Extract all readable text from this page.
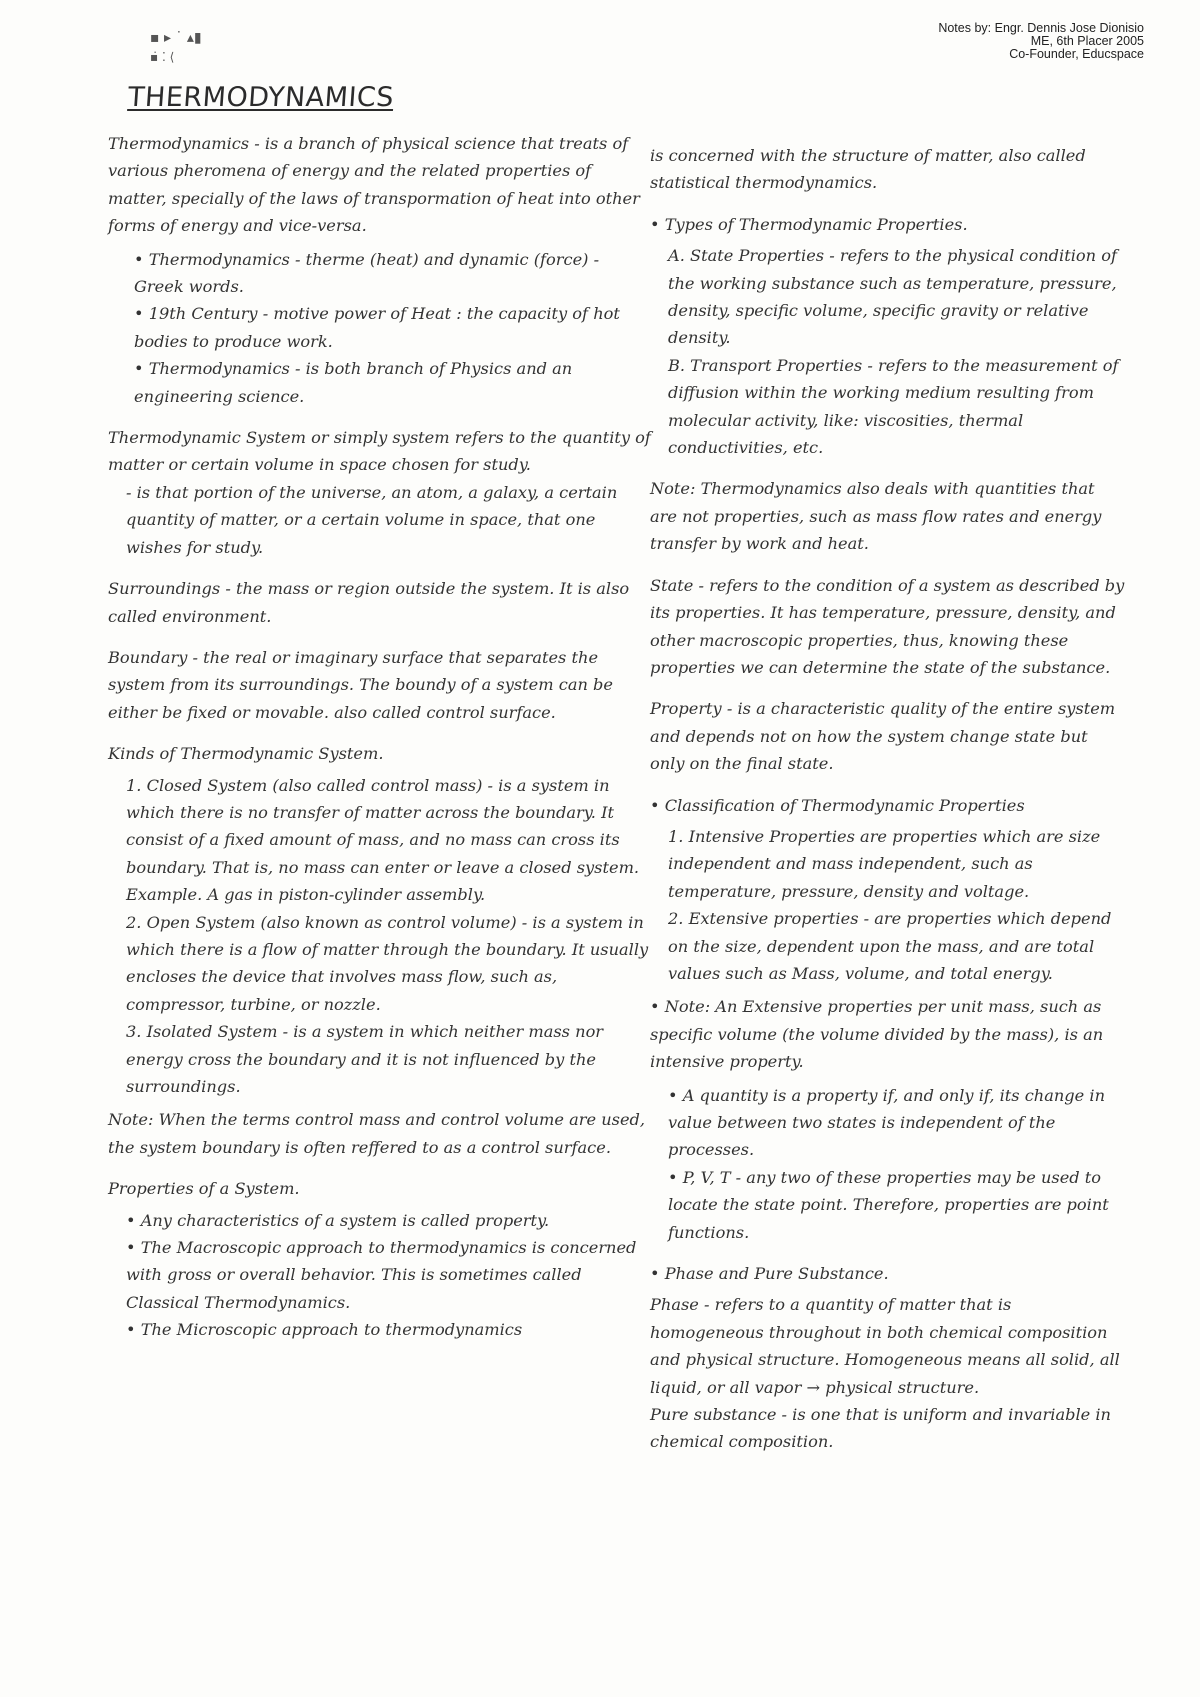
Notes by: Engr. Dennis Jose Dionisio
ME, 6th Placer 2005
Co-Founder, Educspace
▪ ▸ ˙ ▴▮
▪̇ ⁚ ⟨
THERMODYNAMICS

Thermodynamics - is a branch of physical science that treats of various pheromena of energy and the related properties of matter, specially of the laws of transpormation of heat into other forms of energy and vice-versa.

• Thermodynamics - therme (heat) and dynamic (force) - Greek words.

• 19th Century - motive power of Heat : the capacity of hot bodies to produce work.

• Thermodynamics - is both branch of Physics and an engineering science.

Thermodynamic System or simply system refers to the quantity of matter or certain volume in space chosen for study.

- is that portion of the universe, an atom, a galaxy, a certain quantity of matter, or a certain volume in space, that one wishes for study.

Surroundings - the mass or region outside the system. It is also called environment.

Boundary - the real or imaginary surface that separates the system from its surroundings. The boundy of a system can be either be fixed or movable. also called control surface.

Kinds of Thermodynamic System.

1. Closed System (also called control mass) - is a system in which there is no transfer of matter across the boundary. It consist of a fixed amount of mass, and no mass can cross its boundary. That is, no mass can enter or leave a closed system. Example. A gas in piston-cylinder assembly.

2. Open System (also known as control volume) - is a system in which there is a flow of matter through the boundary. It usually encloses the device that involves mass flow, such as, compressor, turbine, or nozzle.

3. Isolated System - is a system in which neither mass nor energy cross the boundary and it is not influenced by the surroundings.

Note: When the terms control mass and control volume are used, the system boundary is often reffered to as a control surface.

Properties of a System.

• Any characteristics of a system is called property.

• The Macroscopic approach to thermodynamics is concerned with gross or overall behavior. This is sometimes called Classical Thermodynamics.

• The Microscopic approach to thermodynamics

is concerned with the structure of matter, also called statistical thermodynamics.

• Types of Thermodynamic Properties.

A. State Properties - refers to the physical condition of the working substance such as temperature, pressure, density, specific volume, specific gravity or relative density.

B. Transport Properties - refers to the measurement of diffusion within the working medium resulting from molecular activity, like: viscosities, thermal conductivities, etc.

Note: Thermodynamics also deals with quantities that are not properties, such as mass flow rates and energy transfer by work and heat.

State - refers to the condition of a system as described by its properties. It has temperature, pressure, density, and other macroscopic properties, thus, knowing these properties we can determine the state of the substance.

Property - is a characteristic quality of the entire system and depends not on how the system change state but only on the final state.

• Classification of Thermodynamic Properties

1. Intensive Properties are properties which are size independent and mass independent, such as temperature, pressure, density and voltage.

2. Extensive properties - are properties which depend on the size, dependent upon the mass, and are total values such as Mass, volume, and total energy.

• Note: An Extensive properties per unit mass, such as specific volume (the volume divided by the mass), is an intensive property.

• A quantity is a property if, and only if, its change in value between two states is independent of the processes.

• P, V, T - any two of these properties may be used to locate the state point. Therefore, properties are point functions.

• Phase and Pure Substance.

Phase - refers to a quantity of matter that is homogeneous throughout in both chemical composition and physical structure. Homogeneous means all solid, all liquid, or all vapor → physical structure.

Pure substance - is one that is uniform and invariable in chemical composition.
